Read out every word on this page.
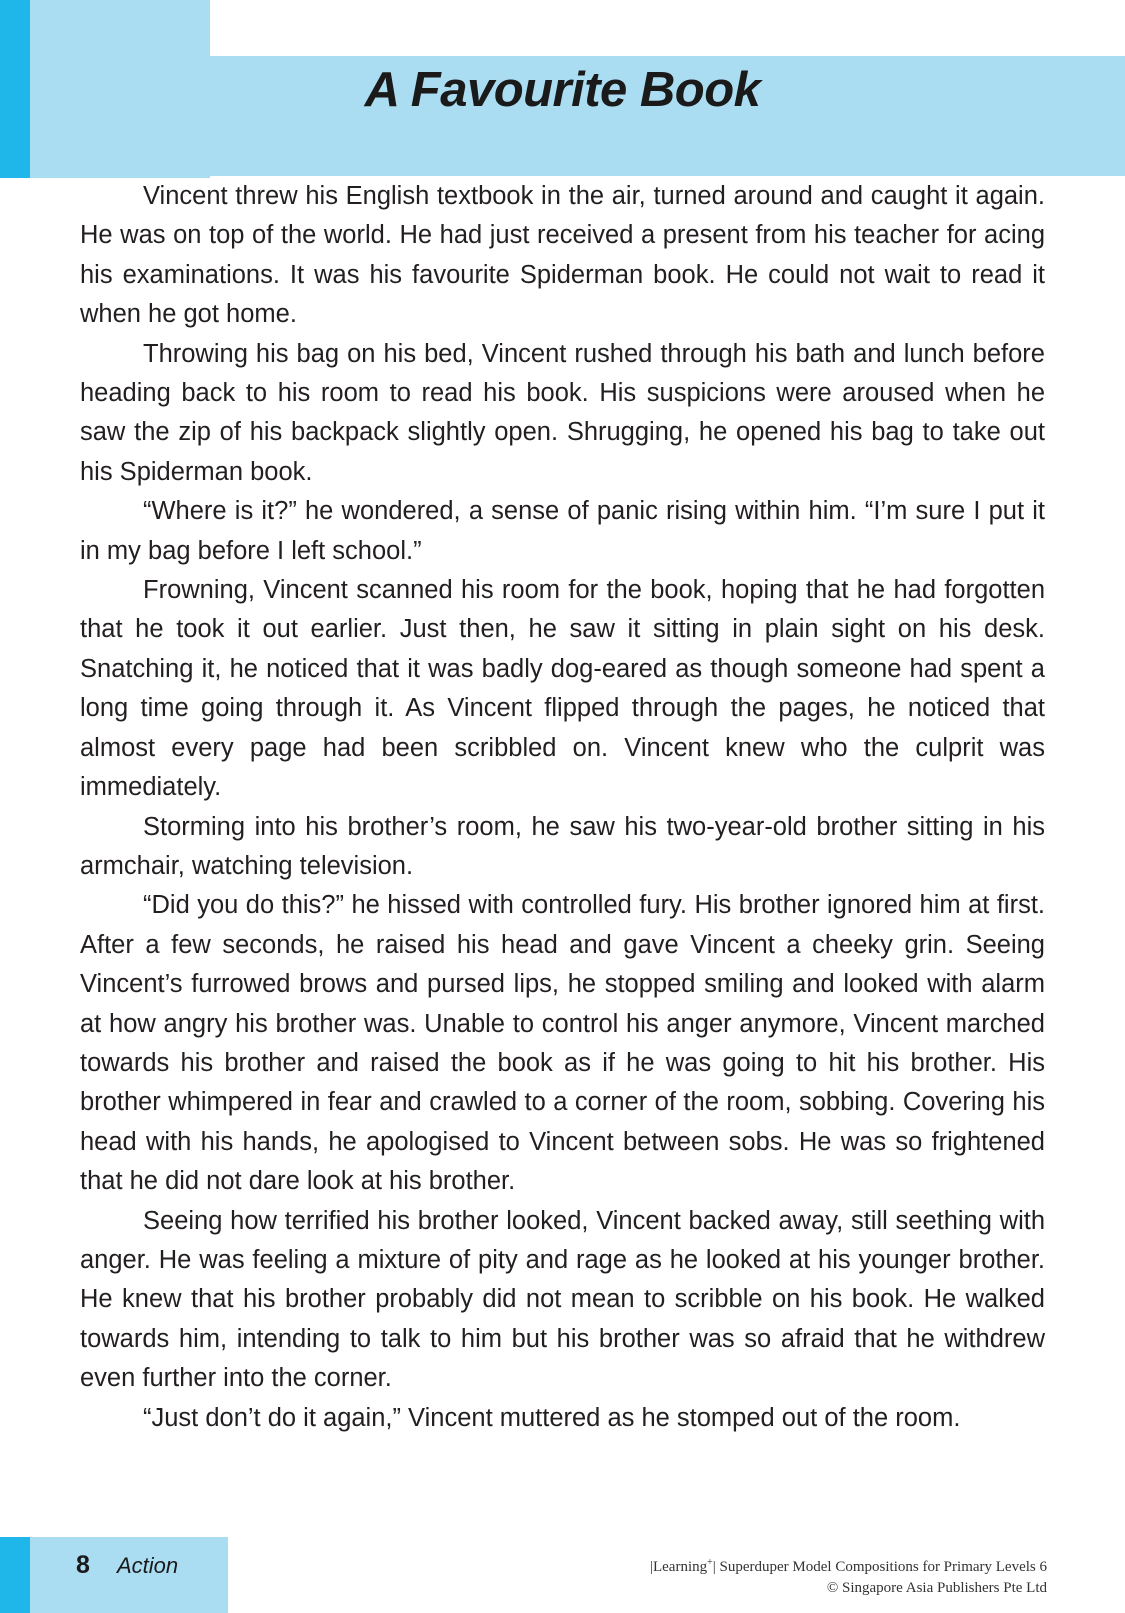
A Favourite Book

Vincent threw his English textbook in the air, turned around and caught it again. He was on top of the world. He had just received a present from his teacher for acing his examinations. It was his favourite Spiderman book. He could not wait to read it when he got home.

Throwing his bag on his bed, Vincent rushed through his bath and lunch before heading back to his room to read his book. His suspicions were aroused when he saw the zip of his backpack slightly open. Shrugging, he opened his bag to take out his Spiderman book.

“Where is it?” he wondered, a sense of panic rising within him. “I’m sure I put it in my bag before I left school.”

Frowning, Vincent scanned his room for the book, hoping that he had forgotten that he took it out earlier. Just then, he saw it sitting in plain sight on his desk. Snatching it, he noticed that it was badly dog-eared as though someone had spent a long time going through it. As Vincent flipped through the pages, he noticed that almost every page had been scribbled on. Vincent knew who the culprit was immediately.

Storming into his brother’s room, he saw his two-year-old brother sitting in his armchair, watching television.

“Did you do this?” he hissed with controlled fury. His brother ignored him at first. After a few seconds, he raised his head and gave Vincent a cheeky grin. Seeing Vincent’s furrowed brows and pursed lips, he stopped smiling and looked with alarm at how angry his brother was. Unable to control his anger anymore, Vincent marched towards his brother and raised the book as if he was going to hit his brother. His brother whimpered in fear and crawled to a corner of the room, sobbing. Covering his head with his hands, he apologised to Vincent between sobs. He was so frightened that he did not dare look at his brother.

Seeing how terrified his brother looked, Vincent backed away, still seething with anger. He was feeling a mixture of pity and rage as he looked at his younger brother. He knew that his brother probably did not mean to scribble on his book. He walked towards him, intending to talk to him but his brother was so afraid that he withdrew even further into the corner.

“Just don’t do it again,” Vincent muttered as he stomped out of the room.

8 Action	|Learning+| Superduper Model Compositions for Primary Levels 6
© Singapore Asia Publishers Pte Ltd
